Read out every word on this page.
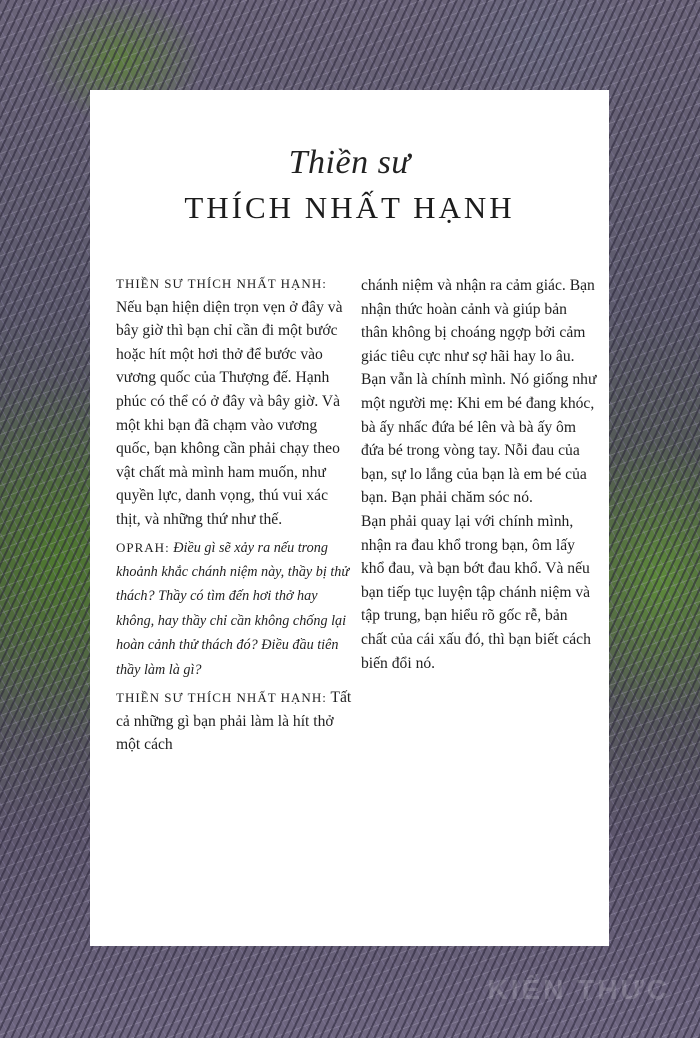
Thiền sư
THÍCH NHẤT HẠNH

THIỀN SƯ THÍCH NHẤT HẠNH: Nếu bạn hiện diện trọn vẹn ở đây và bây giờ thì bạn chỉ cần đi một bước hoặc hít một hơi thở để bước vào vương quốc của Thượng đế. Hạnh phúc có thể có ở đây và bây giờ. Và một khi bạn đã chạm vào vương quốc, bạn không cần phải chạy theo vật chất mà mình ham muốn, như quyền lực, danh vọng, thú vui xác thịt, và những thứ như thế.

OPRAH: Điều gì sẽ xảy ra nếu trong khoảnh khắc chánh niệm này, thầy bị thử thách? Thầy có tìm đến hơi thở hay không, hay thầy chỉ cần không chống lại hoàn cảnh thử thách đó? Điều đầu tiên thầy làm là gì?

THIỀN SƯ THÍCH NHẤT HẠNH: Tất cả những gì bạn phải làm là hít thở một cách

chánh niệm và nhận ra cảm giác. Bạn nhận thức hoàn cảnh và giúp bản thân không bị choáng ngợp bởi cảm giác tiêu cực như sợ hãi hay lo âu. Bạn vẫn là chính mình. Nó giống như một người mẹ: Khi em bé đang khóc, bà ấy nhấc đứa bé lên và bà ấy ôm đứa bé trong vòng tay. Nỗi đau của bạn, sự lo lắng của bạn là em bé của bạn. Bạn phải chăm sóc nó.

Bạn phải quay lại với chính mình, nhận ra đau khổ trong bạn, ôm lấy khổ đau, và bạn bớt đau khổ. Và nếu bạn tiếp tục luyện tập chánh niệm và tập trung, bạn hiểu rõ gốc rễ, bản chất của cái xấu đó, thì bạn biết cách biến đổi nó.

KIẾN THỨC
